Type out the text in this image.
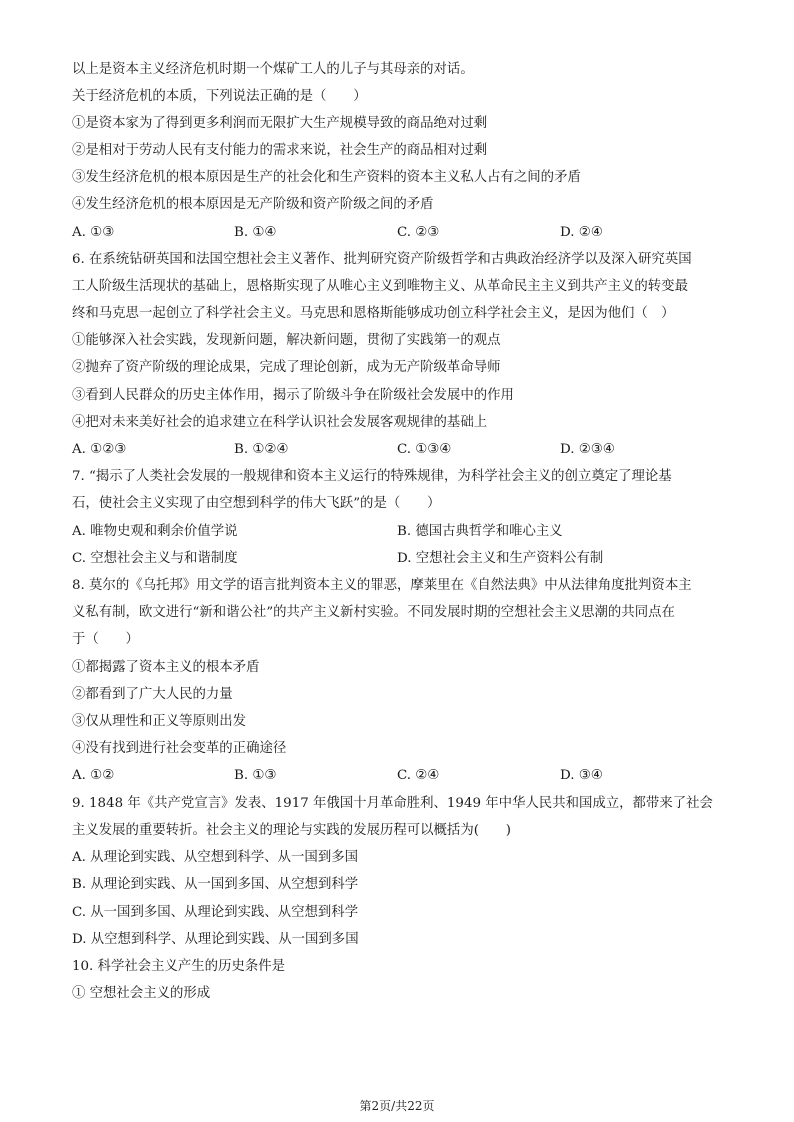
以上是资本主义经济危机时期一个煤矿工人的儿子与其母亲的对话。
关于经济危机的本质，下列说法正确的是（　　）
①是资本家为了得到更多利润而无限扩大生产规模导致的商品绝对过剩
②是相对于劳动人民有支付能力的需求来说，社会生产的商品相对过剩
③发生经济危机的根本原因是生产的社会化和生产资料的资本主义私人占有之间的矛盾
④发生经济危机的根本原因是无产阶级和资产阶级之间的矛盾
A. ①③	B. ①④	C. ②③	D. ②④
6. 在系统钻研英国和法国空想社会主义著作、批判研究资产阶级哲学和古典政治经济学以及深入研究英国
工人阶级生活现状的基础上，恩格斯实现了从唯心主义到唯物主义、从革命民主主义到共产主义的转变最
终和马克思一起创立了科学社会主义。马克思和恩格斯能够成功创立科学社会主义，是因为他们（　）
①能够深入社会实践，发现新问题，解决新问题，贯彻了实践第一的观点
②抛弃了资产阶级的理论成果，完成了理论创新，成为无产阶级革命导师
③看到人民群众的历史主体作用，揭示了阶级斗争在阶级社会发展中的作用
④把对未来美好社会的追求建立在科学认识社会发展客观规律的基础上
A. ①②③	B. ①②④	C. ①③④	D. ②③④
7. “揭示了人类社会发展的一般规律和资本主义运行的特殊规律，为科学社会主义的创立奠定了理论基
石，使社会主义实现了由空想到科学的伟大飞跃”的是（　　）
A. 唯物史观和剩余价值学说	B. 德国古典哲学和唯心主义
C. 空想社会主义与和谐制度	D. 空想社会主义和生产资料公有制
8. 莫尔的《乌托邦》用文学的语言批判资本主义的罪恶，摩莱里在《自然法典》中从法律角度批判资本主
义私有制，欧文进行“新和谐公社”的共产主义新村实验。不同发展时期的空想社会主义思潮的共同点在
于（　　）
①都揭露了资本主义的根本矛盾
②都看到了广大人民的力量
③仅从理性和正义等原则出发
④没有找到进行社会变革的正确途径
A. ①②	B. ①③	C. ②④	D. ③④
9. 1848 年《共产党宣言》发表、1917 年俄国十月革命胜利、1949 年中华人民共和国成立，都带来了社会
主义发展的重要转折。社会主义的理论与实践的发展历程可以概括为(　　)
A. 从理论到实践、从空想到科学、从一国到多国
B. 从理论到实践、从一国到多国、从空想到科学
C. 从一国到多国、从理论到实践、从空想到科学
D. 从空想到科学、从理论到实践、从一国到多国
10. 科学社会主义产生的历史条件是
① 空想社会主义的形成
第2页/共22页
